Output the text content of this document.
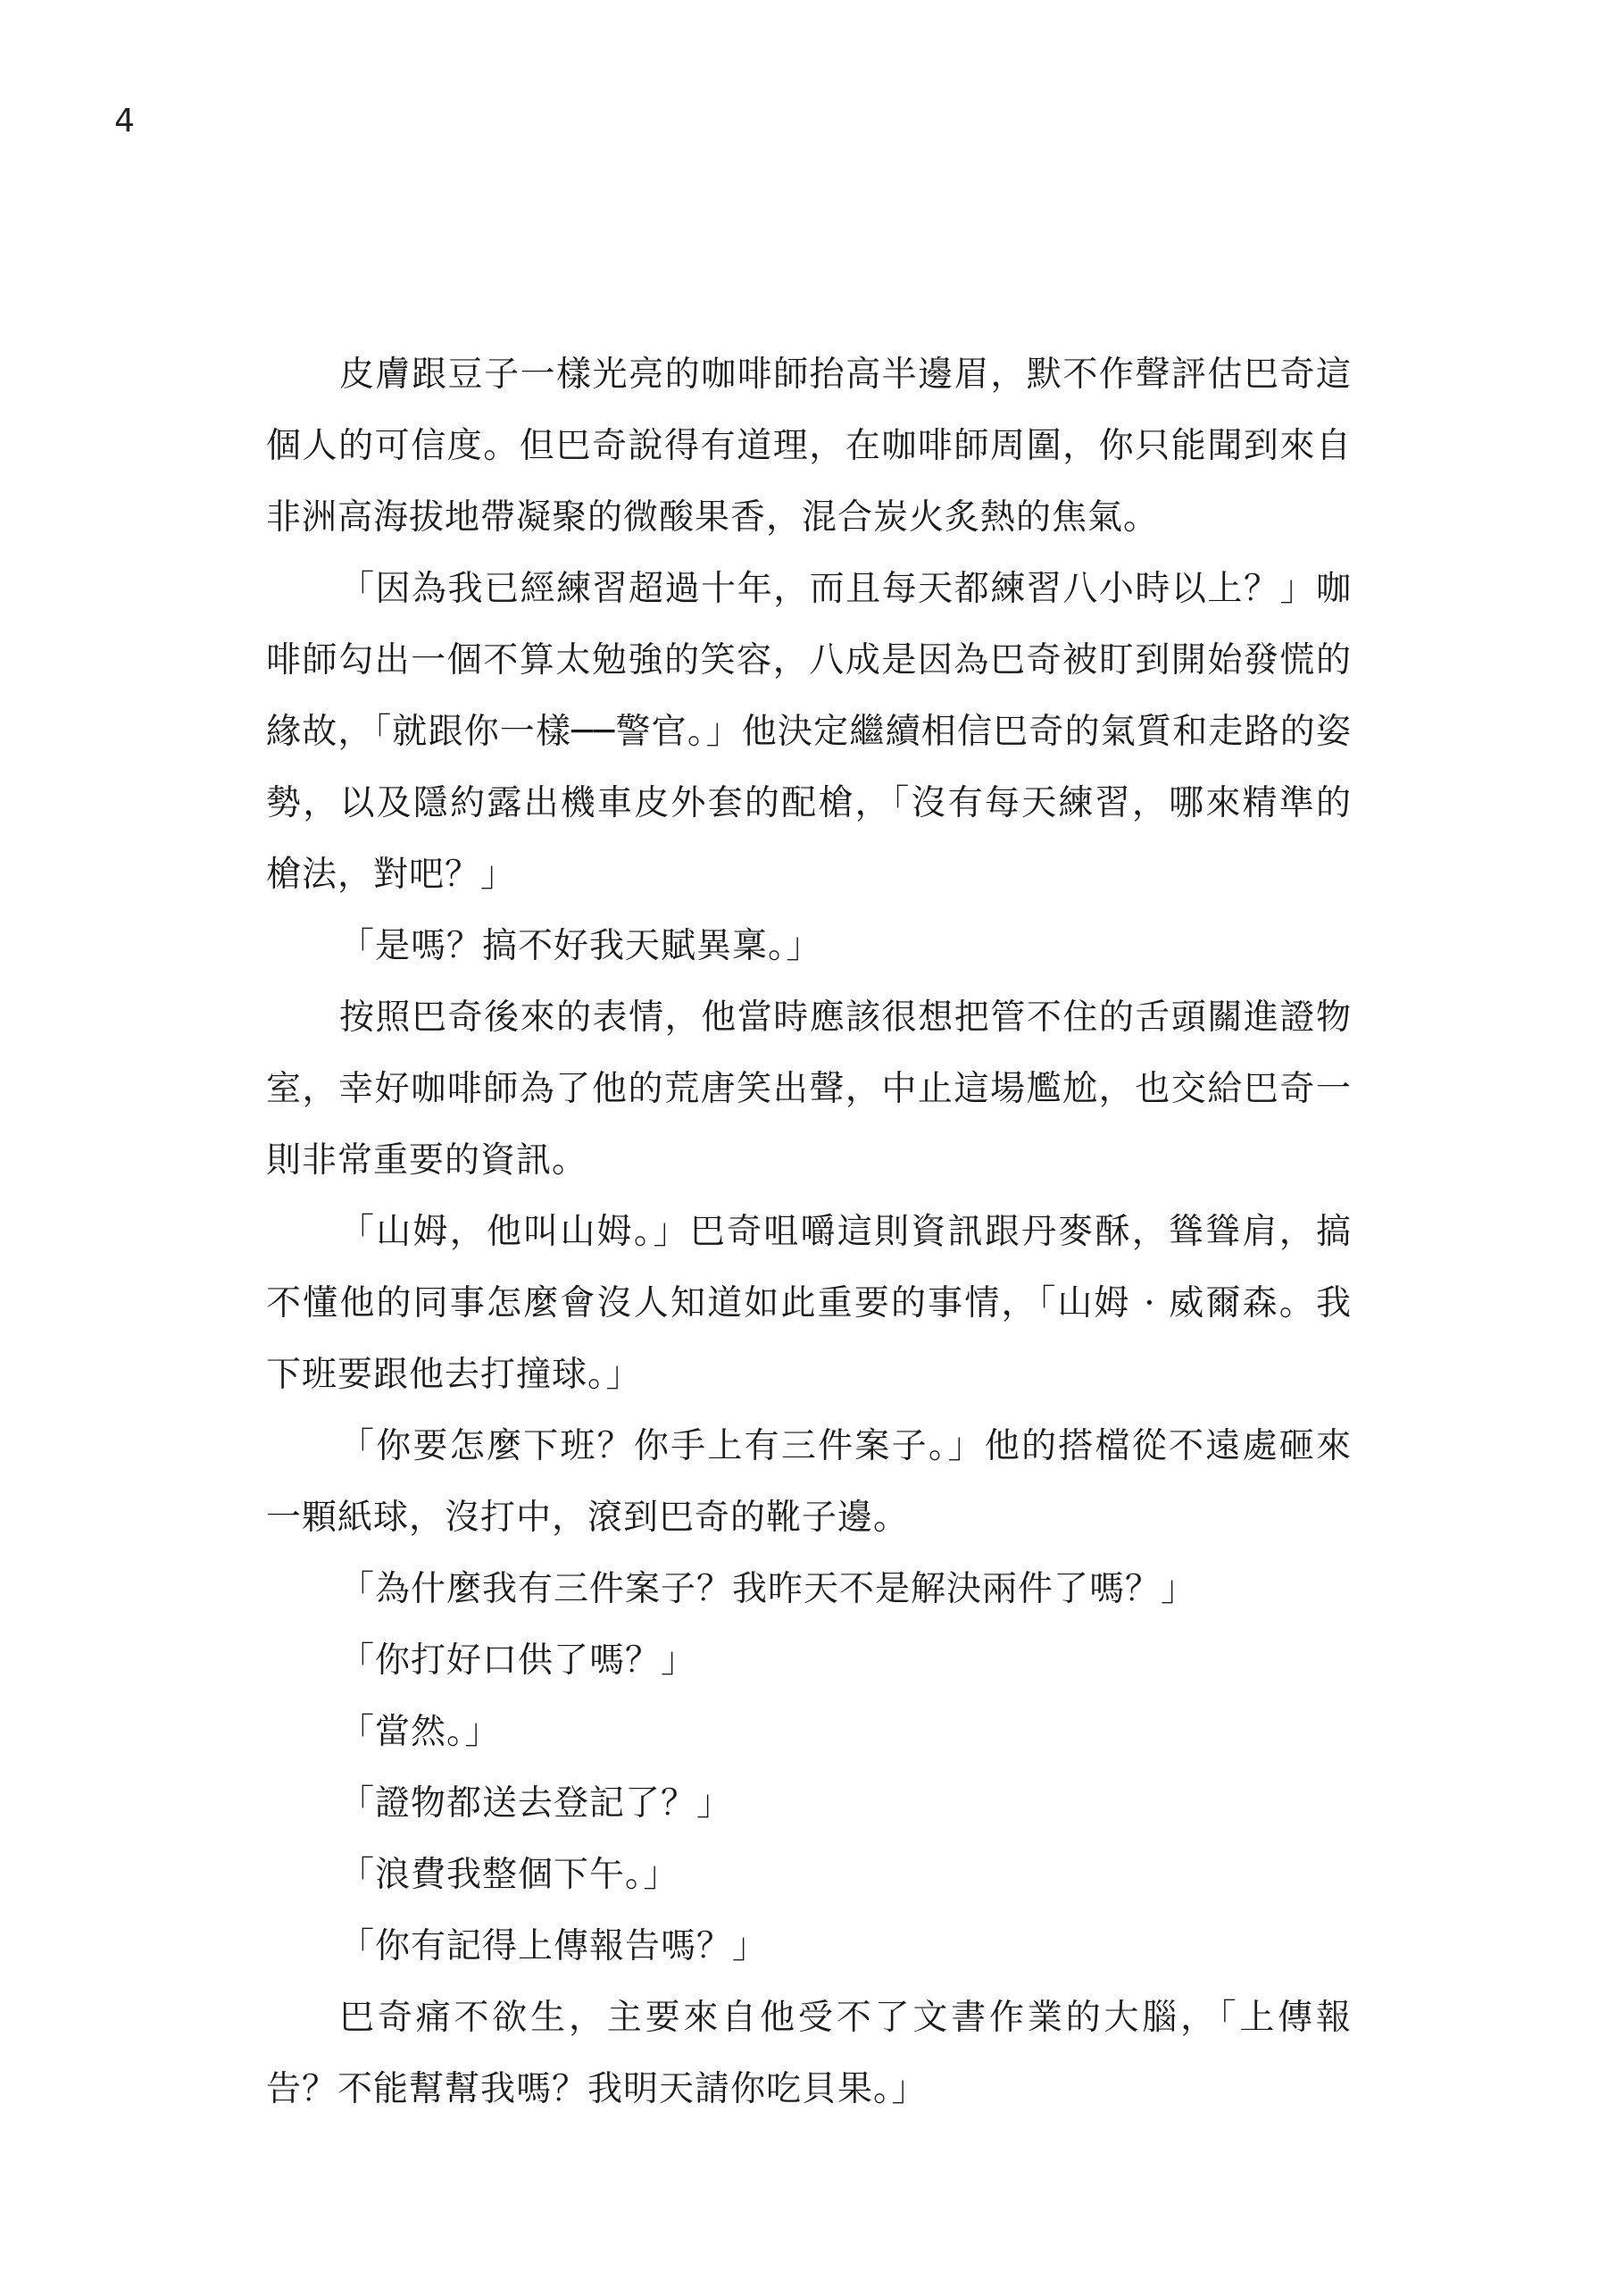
4

皮膚跟豆子一樣光亮的咖啡師抬高半邊眉，默不作聲評估巴奇這個人的可信度。但巴奇說得有道理，在咖啡師周圍，你只能聞到來自非洲高海拔地帶凝聚的微酸果香，混合炭火炙熱的焦氣。

「因為我已經練習超過十年，而且每天都練習八小時以上？」咖啡師勾出一個不算太勉強的笑容，八成是因為巴奇被盯到開始發慌的緣故，「就跟你一樣──警官。」他決定繼續相信巴奇的氣質和走路的姿勢，以及隱約露出機車皮外套的配槍，「沒有每天練習，哪來精準的槍法，對吧？」

「是嗎？搞不好我天賦異稟。」

按照巴奇後來的表情，他當時應該很想把管不住的舌頭關進證物室，幸好咖啡師為了他的荒唐笑出聲，中止這場尷尬，也交給巴奇一則非常重要的資訊。

「山姆，他叫山姆。」巴奇咀嚼這則資訊跟丹麥酥，聳聳肩，搞不懂他的同事怎麼會沒人知道如此重要的事情，「山姆 · 威爾森。我下班要跟他去打撞球。」

「你要怎麼下班？你手上有三件案子。」他的搭檔從不遠處砸來一顆紙球，沒打中，滾到巴奇的靴子邊。

「為什麼我有三件案子？我昨天不是解決兩件了嗎？」

「你打好口供了嗎？」

「當然。」

「證物都送去登記了？」

「浪費我整個下午。」

「你有記得上傳報告嗎？」

巴奇痛不欲生，主要來自他受不了文書作業的大腦，「上傳報告？不能幫幫我嗎？我明天請你吃貝果。」
